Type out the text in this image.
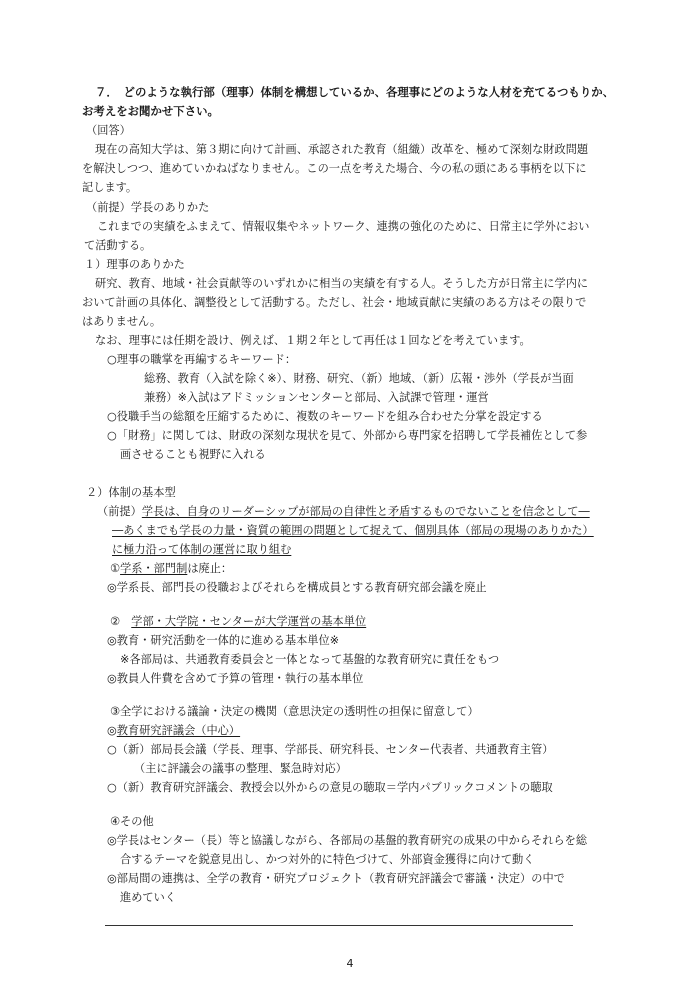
７．　どのような執行部（理事）体制を構想しているか、各理事にどのような人材を充てるつもりか、
お考えをお聞かせ下さい。
（回答）
現在の高知大学は、第３期に向けて計画、承認された教育（組織）改革を、極めて深刻な財政問題
を解決しつつ、進めていかねばなりません。この一点を考えた場合、今の私の頭にある事柄を以下に
記します。
（前提）学長のありかた
これまでの実績をふまえて、情報収集やネットワーク、連携の強化のために、日常主に学外におい
て活動する。
１）理事のありかた
研究、教育、地域・社会貢献等のいずれかに相当の実績を有する人。そうした方が日常主に学内に
おいて計画の具体化、調整役として活動する。ただし、社会・地域貢献に実績のある方はその限りで
はありません。
なお、理事には任期を設け、例えば、１期２年として再任は１回などを考えています。
○理事の職掌を再編するキーワード：
総務、教育（入試を除く※）、財務、研究、（新）地域、（新）広報・渉外（学長が当面
兼務）※入試はアドミッションセンターと部局、入試課で管理・運営
○役職手当の総額を圧縮するために、複数のキーワードを組み合わせた分掌を設定する
○「財務」に関しては、財政の深刻な現状を見て、外部から専門家を招聘して学長補佐として参
画させることも視野に入れる
２）体制の基本型
（前提）学長は、自身のリーダーシップが部局の自律性と矛盾するものでないことを信念として―
―あくまでも学長の力量・資質の範囲の問題として捉えて、個別具体（部局の現場のありかた）
に極力沿って体制の運営に取り組む
①学系・部門制は廃止：
◎学系長、部門長の役職およびそれらを構成員とする教育研究部会議を廃止
②　学部・大学院・センターが大学運営の基本単位
◎教育・研究活動を一体的に進める基本単位※
※各部局は、共通教育委員会と一体となって基盤的な教育研究に責任をもつ
◎教員人件費を含めて予算の管理・執行の基本単位
③全学における議論・決定の機関（意思決定の透明性の担保に留意して）
◎教育研究評議会（中心）
○（新）部局長会議（学長、理事、学部長、研究科長、センター代表者、共通教育主管）
（主に評議会の議事の整理、緊急時対応）
○（新）教育研究評議会、教授会以外からの意見の聴取＝学内パブリックコメントの聴取
④その他
◎学長はセンター（長）等と協議しながら、各部局の基盤的教育研究の成果の中からそれらを総
合するテーマを鋭意見出し、かつ対外的に特色づけて、外部資金獲得に向けて動く
◎部局間の連携は、全学の教育・研究プロジェクト（教育研究評議会で審議・決定）の中で
進めていく
4
